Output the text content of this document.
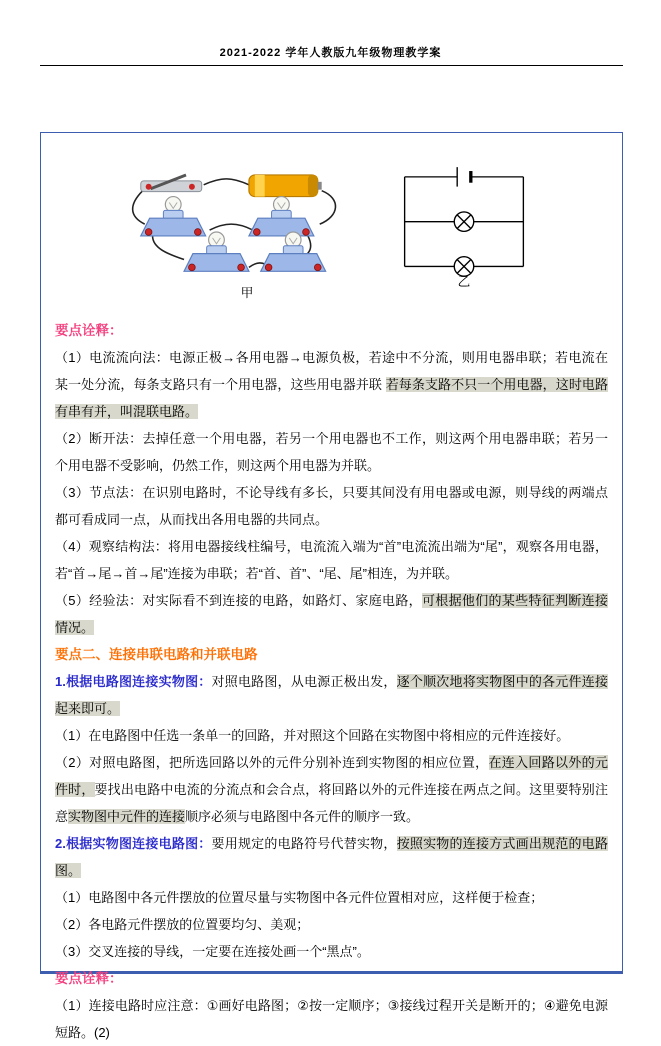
2021-2022 学年人教版九年级物理教学案
甲
乙

要点诠释：

（1）电流流向法：电源正极→各用电器→电源负极，若途中不分流，则用电器串联；若电流在某一处分流，每条支路只有一个用电器，这些用电器并联 若每条支路不只一个用电器，这时电路有串有并，叫混联电路。

（2）断开法：去掉任意一个用电器，若另一个用电器也不工作，则这两个用电器串联；若另一个用电器不受影响，仍然工作，则这两个用电器为并联。

（3）节点法：在识别电路时，不论导线有多长，只要其间没有用电器或电源，则导线的两端点都可看成同一点，从而找出各用电器的共同点。

（4）观察结构法：将用电器接线柱编号，电流流入端为“首”电流流出端为“尾”，观察各用电器，若“首→尾→首→尾”连接为串联；若“首、首”、“尾、尾”相连，为并联。

（5）经验法：对实际看不到连接的电路，如路灯、家庭电路，可根据他们的某些特征判断连接情况。

要点二、连接串联电路和并联电路

1.根据电路图连接实物图：对照电路图，从电源正极出发，逐个顺次地将实物图中的各元件连接起来即可。

（1）在电路图中任选一条单一的回路，并对照这个回路在实物图中将相应的元件连接好。

（2）对照电路图，把所选回路以外的元件分别补连到实物图的相应位置，在连入回路以外的元件时，要找出电路中电流的分流点和会合点，将回路以外的元件连接在两点之间。这里要特别注意实物图中元件的连接顺序必须与电路图中各元件的顺序一致。

2.根据实物图连接电路图：要用规定的电路符号代替实物，按照实物的连接方式画出规范的电路图。

（1）电路图中各元件摆放的位置尽量与实物图中各元件位置相对应，这样便于检查；

（2）各电路元件摆放的位置要均匀、美观；

（3）交叉连接的导线，一定要在连接处画一个“黑点”。

要点诠释：

（1）连接电路时应注意：①画好电路图；②按一定顺序；③接线过程开关是断开的；④避免电源短路。(2)
